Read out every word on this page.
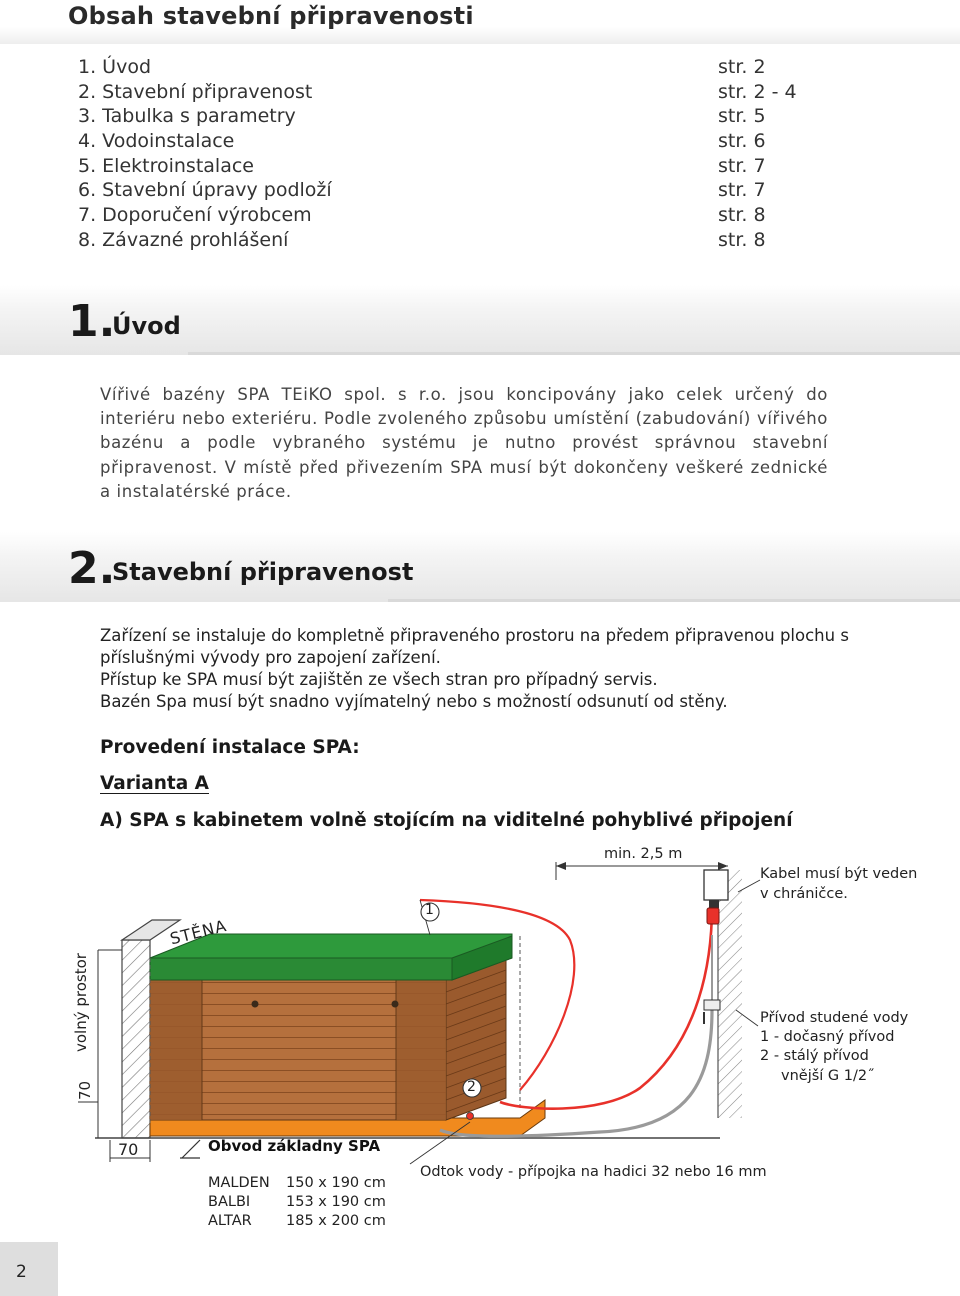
Obsah stavební připravenosti
1. Úvod	str. 2
2. Stavební připravenost	str. 2 - 4
3. Tabulka s parametry	str. 5
4. Vodoinstalace	str. 6
5. Elektroinstalace	str. 7
6. Stavební úpravy podloží	str. 7
7. Doporučení výrobcem	str. 8
8. Závazné prohlášení	str. 8
1.
Úvod
Vířivé bazény SPA TEiKO spol. s r.o. jsou koncipovány jako celek určený do interiéru nebo exteriéru. Podle zvoleného způsobu umístění (zabudování) vířivého bazénu a podle vybraného systému je nutno provést správnou stavební připravenost. V místě před přivezením SPA musí být dokončeny veškeré zednické a instalatérské práce.
2.
Stavební připravenost
Zařízení se instaluje do kompletně připraveného prostoru na předem připravenou plochu s příslušnými vývody pro zapojení zařízení.
Přístup ke SPA musí být zajištěn ze všech stran pro případný servis.
Bazén Spa musí být snadno vyjímatelný nebo s možností odsunutí od stěny.
Provedení instalace SPA:
Varianta A
A) SPA s kabinetem volně stojícím na viditelné pohyblivé připojení
STĚNA
volný prostor
70
70
min. 2,5 m
1
2
Kabel musí být veden
v chráničce.
Přívod studené vody
1 - dočasný přívod
2 - stálý přívod
vnější G 1/2˝
Obvod základny SPA
Odtok vody - přípojka na hadici 32 nebo 16 mm
MALDEN 150 x 190 cm
BALBI 153 x 190 cm
ALTAR 185 x 200 cm
2
